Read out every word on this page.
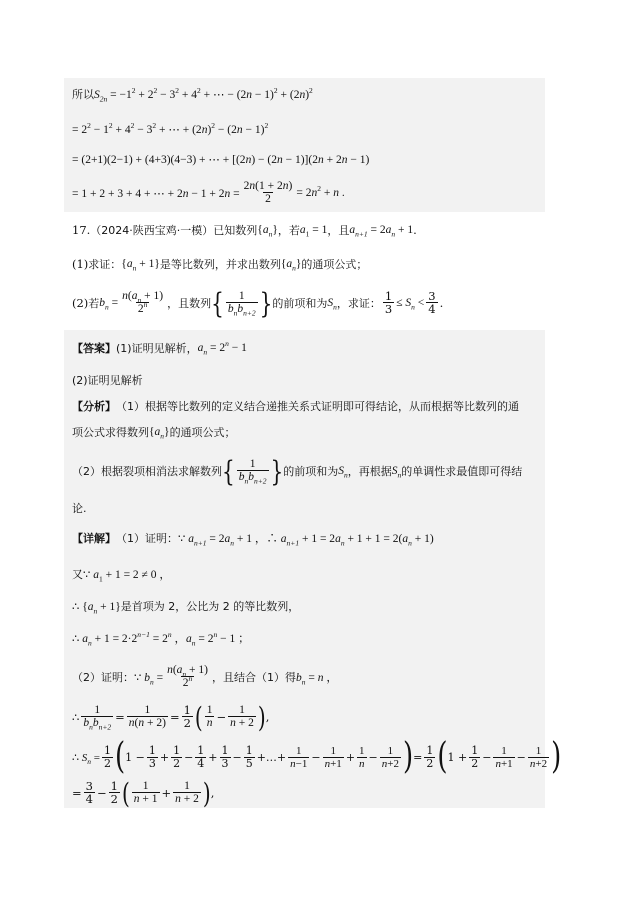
所以 $S_{2n} = -1^2 + 2^2 - 3^2 + 4^2$ + ⋯ − $(2n - 1)^2 + (2n)^2$
= $2^2 - 1^2 + 4^2 - 3^2$ + ⋯ + $(2n)^2 - (2n - 1)^2$
= (2+1)(2−1) + (4+3)(4−3) + ⋯ + [(2n) − (2n − 1)](2n + 2n − 1)
= 1 + 2 + 3 + 4 + ⋯ + $2n - 1 + 2n = \frac{2n(1 + 2n)}{2} = 2n^2 + n$ .
17. （2024·陕西宝鸡·一模） 已知数列 $\{a_n\}$ ，若 $a_1 = 1$ ，且 $a_{n+1} = 2a_n + 1$ .
(1) 求证： $\{a_n + 1\}$ 是等比数列，并求出数列 $\{a_n\}$ 的通项公式；
(2) 若 $b_n = \frac{n(a_n + 1)}{2^n}$ ，且数列 { $\frac{1}{b_nb_{n+2}}$ } 的前项和为 $S_n$ ，求证： $\frac{1}{3} \le S_n < \frac{3}{4}$ .
【答案】 (1)证明见解析， $a_n = 2^n - 1$
(2)证明见解析
【分析】 （1）根据等比数列的定义结合递推关系式证明即可得结论，从而根据等比数列的通
项公式求得数列 $\{a_n\}$ 的通项公式；
（2）根据裂项相消法求解数列 { $\frac{1}{b_nb_{n+2}}$ } 的前项和为 $S_n$ ，再根据 $S_n$ 的单调性求最值即可得结
论.
【详解】 （1）证明： ∵ $a_{n+1} = 2a_n + 1$ ，∴ $a_{n+1} + 1 = 2a_n + 1 + 1 = 2(a_n + 1)$
又 ∵ $a_1 + 1 = 2 \ne 0$ ，
∴ $\{a_n + 1\}$ 是首项为 2，公比为 2 的等比数列，
∴ $a_n + 1 = 2\cdot 2^{n-1} = 2^n$ ，$a_n = 2^n - 1$ ；
（2）证明： ∵ $b_n = \frac{n(a_n + 1)}{2^n}$ ，且结合（1）得 $b_n = n$ ，
∴ $\frac{1}{b_nb_{n+2}} = \frac{1}{n(n + 2)} = \frac{1}{2}$ ( $\frac{1}{n} - \frac{1}{n + 2}$ ) ,
∴ $S_n = \frac{1}{2}$ ( $1 - \frac{1}{3} + \frac{1}{2} - \frac{1}{4} + \frac{1}{3} - \frac{1}{5}$ +…+ $\frac{1}{n-1} - \frac{1}{n+1} + \frac{1}{n} - \frac{1}{n+2}$ ) = $\frac{1}{2}$ ( $1 + \frac{1}{2} - \frac{1}{n+1} - \frac{1}{n+2}$ )
= $\frac{3}{4} - \frac{1}{2}$ ( $\frac{1}{n + 1} + \frac{1}{n + 2}$ ) ,
